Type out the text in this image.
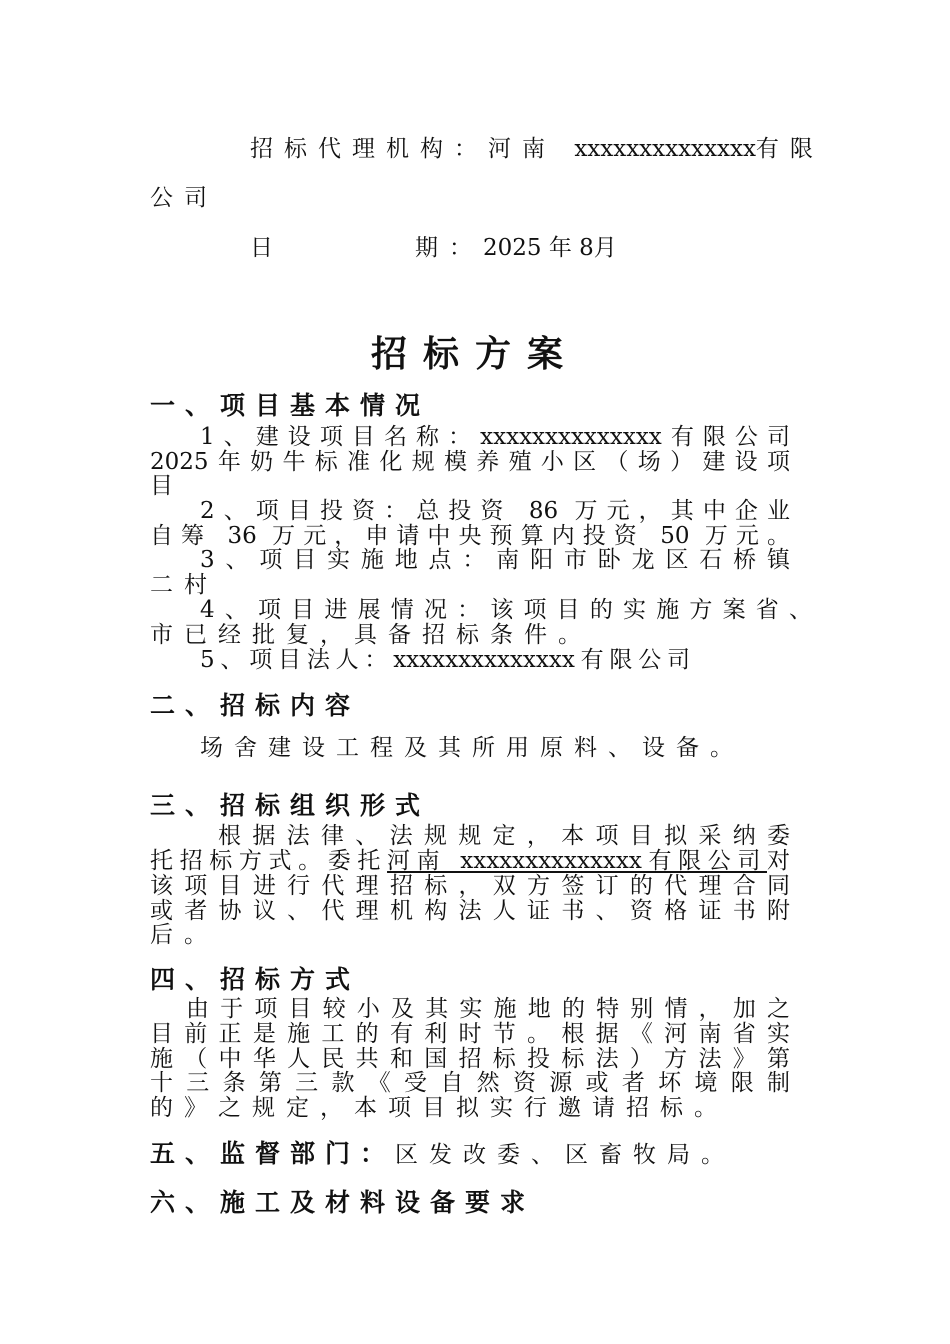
招标代理机构：河南 xxxxxxxxxxxxxx有限
公司
日	期：2025 年 8月
招标方案
一、项目基本情况
1、建设项目名称：xxxxxxxxxxxxxx有限公司
2025年奶牛标准化规模养殖小区（场）建设项
目
2、项目投资：总投资 86 万元，其中企业
自筹 36 万元，申请中央预算内投资 50 万元。
3、项目实施地点：南阳市卧龙区石桥镇
二村
4、项目进展情况：该项目的实施方案省、
市已经批复，具备招标条件。
5、项目法人：xxxxxxxxxxxxxx有限公司
二、招标内容
场舍建设工程及其所用原料、设备。
三、招标组织形式
根据法律、法规规定，本项目拟采纳委
托招标方式。委托河南 xxxxxxxxxxxxxx有限公司对
该项目进行代理招标，双方签订的代理合同
或者协议、代理机构法人证书、资格证书附
后。
四、招标方式
由于项目较小及其实施地的特别情，加之
目前正是施工的有利时节。根据《河南省实
施（中华人民共和国招标投标法）方法》第
十三条第三款《受自然资源或者坏境限制
的》之规定，本项目拟实行邀请招标。
五、监督部门：区发改委、区畜牧局。
六、施工及材料设备要求
